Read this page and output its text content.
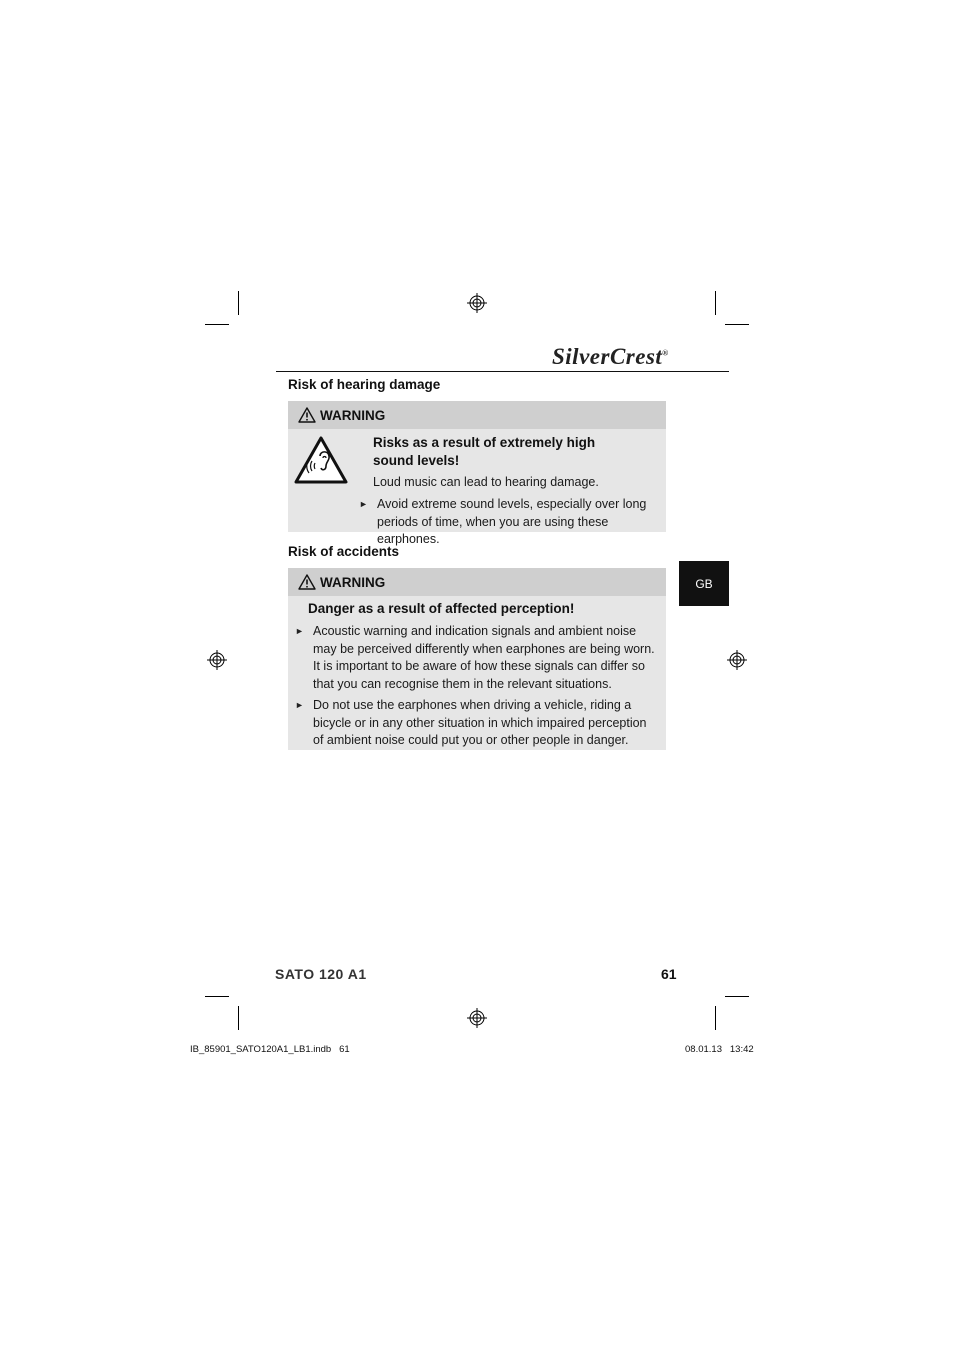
SilverCrest®
Risk of hearing damage
WARNING
Risks as a result of extremely high
sound levels!
Loud music can lead to hearing damage.
► Avoid extreme sound levels, especially over long
periods of time, when you are using these earphones.
Risk of accidents
WARNING
Danger as a result of affected perception!
► Acoustic warning and indication signals and ambient noise
may be perceived differently when earphones are being worn.
It is important to be aware of how these signals can differ so
that you can recognise them in the relevant situations.
► Do not use the earphones when driving a vehicle, riding a
bicycle or in any other situation in which impaired perception
of ambient noise could put you or other people in danger.
GB
SATO 120 A1	61
IB_85901_SATO120A1_LB1.indb   61	08.01.13   13:42
